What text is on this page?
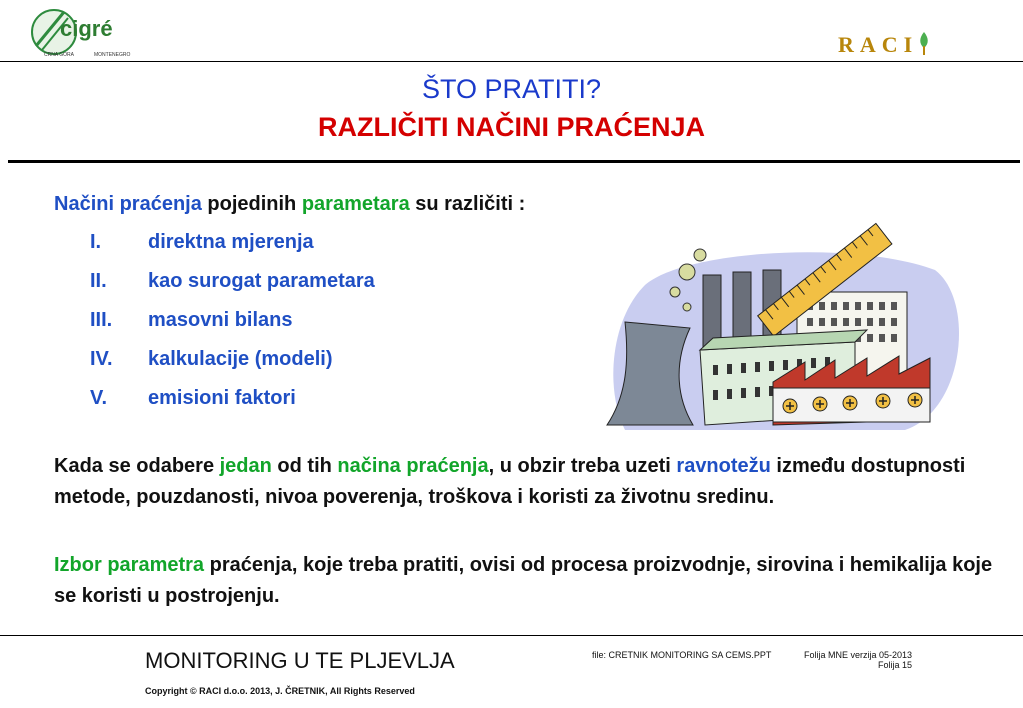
cigré
CRNA GORA	MONTENEGRO	RACI
ŠTO PRATITI?
RAZLIČITI NAČINI PRAĆENJA
Načini praćenja pojedinih parametara su različiti :
I. direktna mjerenja
II. kao surogat parametara
III. masovni bilans
IV. kalkulacije (modeli)
V. emisioni faktori
Kada se odabere jedan od tih načina praćenja, u obzir treba uzeti ravnotežu između dostupnosti metode, pouzdanosti, nivoa poverenja, troškova i koristi za životnu sredinu.
Izbor parametra praćenja, koje treba pratiti, ovisi od procesa proizvodnje, sirovina i hemikalija koje se koristi u postrojenju.
MONITORING U TE PLJEVLJA	file: CRETNIK MONITORING SA CEMS.PPT	Folija MNE verzija 05-2013
Folija 15
Copyright © RACI d.o.o. 2013, J. ČRETNIK, All Rights Reserved
